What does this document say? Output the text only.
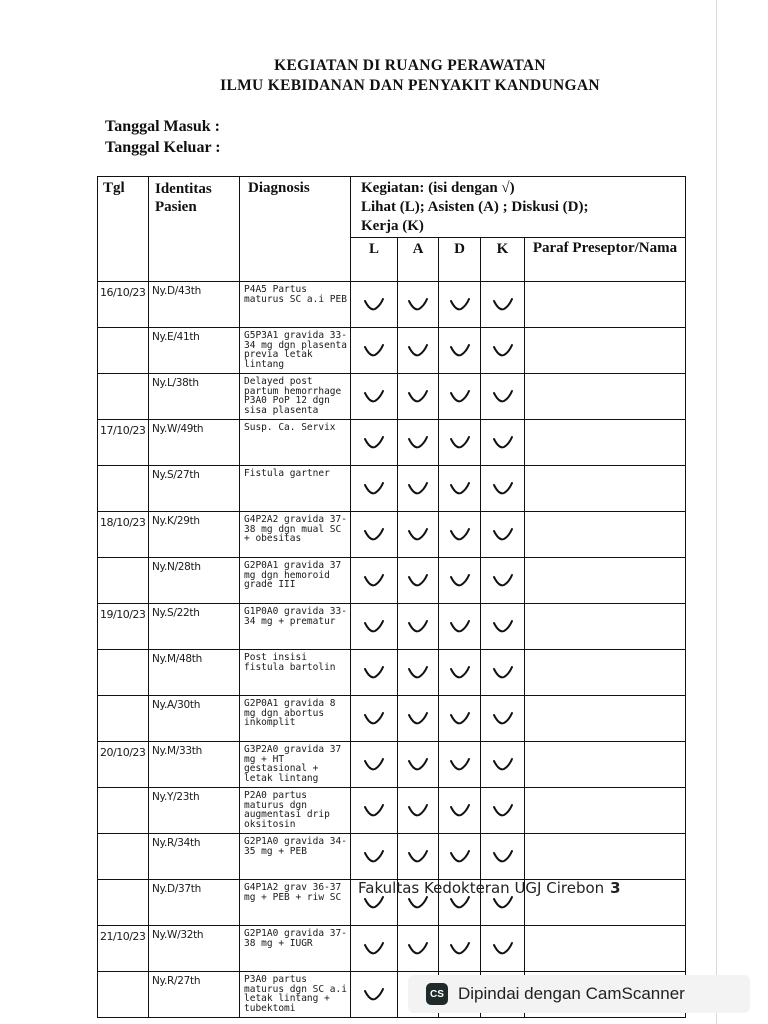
KEGIATAN DI RUANG PERAWATAN
ILMU KEBIDANAN DAN PENYAKIT KANDUNGAN
Tanggal Masuk :
Tanggal Keluar :
Tgl	Identitas Pasien	Diagnosis	Kegiatan: (isi dengan √)
Lihat (L); Asisten (A) ; Diskusi (D);
Kerja (K)				

			L	A	D	K	Paraf Preseptor/Nama
16/10/23	Ny.D/43th	P4A5 Partus maturus SC a.i PEB	

	Ny.E/41th	G5P3A1 gravida 33-34 mg dgn plasenta previa letak lintang	

	Ny.L/38th	Delayed post partum hemorrhage P3A0 PoP 12 dgn sisa plasenta	

17/10/23	Ny.W/49th	Susp. Ca. Servix	

	Ny.S/27th	Fistula gartner	

18/10/23	Ny.K/29th	G4P2A2 gravida 37-38 mg dgn mual SC + obesitas	

	Ny.N/28th	G2P0A1 gravida 37 mg dgn hemoroid grade III	

19/10/23	Ny.S/22th	G1P0A0 gravida 33-34 mg + prematur	

	Ny.M/48th	Post insisi fistula bartolin	

	Ny.A/30th	G2P0A1 gravida 8 mg dgn abortus inkomplit	

20/10/23	Ny.M/33th	G3P2A0 gravida 37 mg + HT gestasional + letak lintang	

	Ny.Y/23th	P2A0 partus maturus dgn augmentasi drip oksitosin	

	Ny.R/34th	G2P1A0 gravida 34-35 mg + PEB	

	Ny.D/37th	G4P1A2 grav 36-37 mg + PEB + riw SC	

21/10/23	Ny.W/32th	G2P1A0 gravida 37-38 mg + IUGR	

	Ny.R/27th	P3A0 partus maturus dgn SC a.i letak lintang + tubektomi	

Fakultas Kedokteran UGJ Cirebon 3
CS Dipindai dengan CamScanner
